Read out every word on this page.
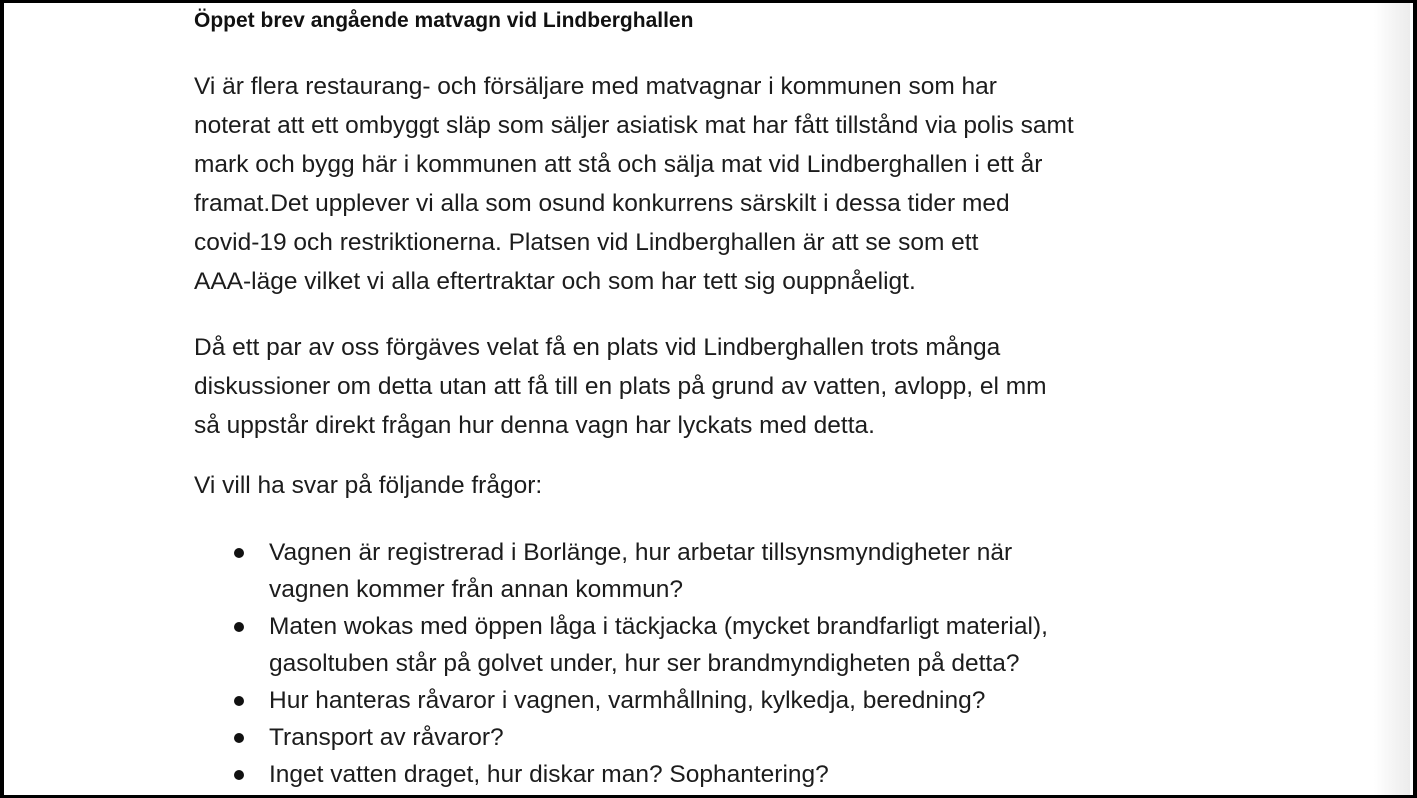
Öppet brev angående matvagn vid Lindberghallen
Vi är flera restaurang- och försäljare med matvagnar i kommunen som har
noterat att ett ombyggt släp som säljer asiatisk mat har fått tillstånd via polis samt
mark och bygg här i kommunen att stå och sälja mat vid Lindberghallen i ett år
framat.Det upplever vi alla som osund konkurrens särskilt i dessa tider med
covid-19 och restriktionerna. Platsen vid Lindberghallen är att se som ett
AAA-läge vilket vi alla eftertraktar och som har tett sig ouppnåeligt.
Då ett par av oss förgäves velat få en plats vid Lindberghallen trots många
diskussioner om detta utan att få till en plats på grund av vatten, avlopp, el mm
så uppstår direkt frågan hur denna vagn har lyckats med detta.
Vi vill ha svar på följande frågor:
Vagnen är registrerad i Borlänge, hur arbetar tillsynsmyndigheter när
vagnen kommer från annan kommun?
Maten wokas med öppen låga i täckjacka (mycket brandfarligt material),
gasoltuben står på golvet under, hur ser brandmyndigheten på detta?
Hur hanteras råvaror i vagnen, varmhållning, kylkedja, beredning?
Transport av råvaror?
Inget vatten draget, hur diskar man? Sophantering?
